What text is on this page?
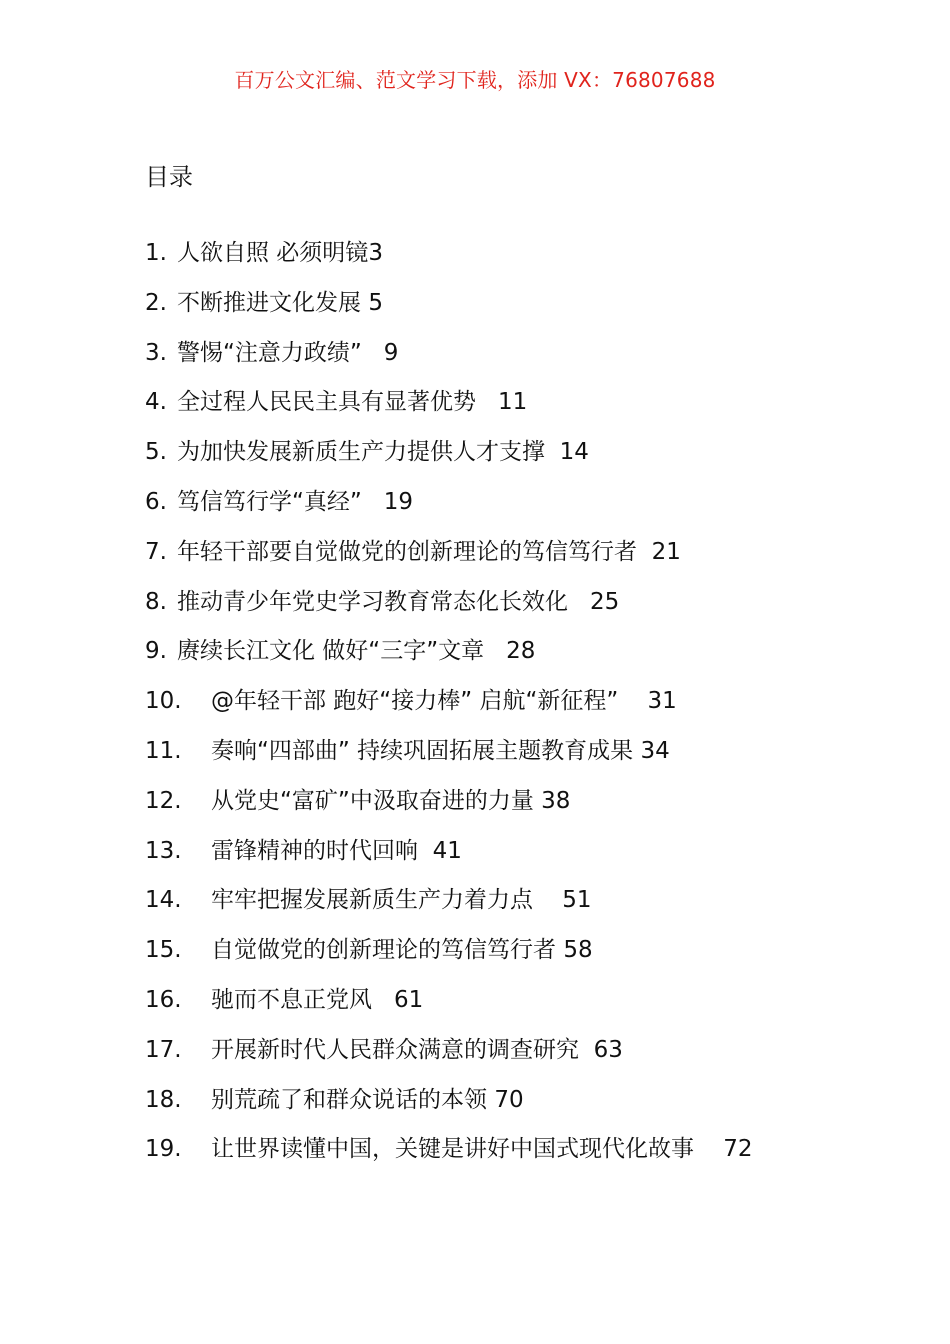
百万公文汇编、范文学习下载，添加 VX：76807688
目录
1. 人欲自照 必须明镜3
2. 不断推进文化发展 5
3. 警惕“注意力政绩” 9
4. 全过程人民民主具有显著优势 11
5. 为加快发展新质生产力提供人才支撑 14
6. 笃信笃行学“真经” 19
7. 年轻干部要自觉做党的创新理论的笃信笃行者 21
8. 推动青少年党史学习教育常态化长效化 25
9. 赓续长江文化 做好“三字”文章 28
10. @年轻干部 跑好“接力棒” 启航“新征程” 31
11. 奏响“四部曲” 持续巩固拓展主题教育成果 34
12. 从党史“富矿”中汲取奋进的力量 38
13. 雷锋精神的时代回响 41
14. 牢牢把握发展新质生产力着力点 51
15. 自觉做党的创新理论的笃信笃行者 58
16. 驰而不息正党风 61
17. 开展新时代人民群众满意的调查研究 63
18. 别荒疏了和群众说话的本领 70
19. 让世界读懂中国，关键是讲好中国式现代化故事 72
